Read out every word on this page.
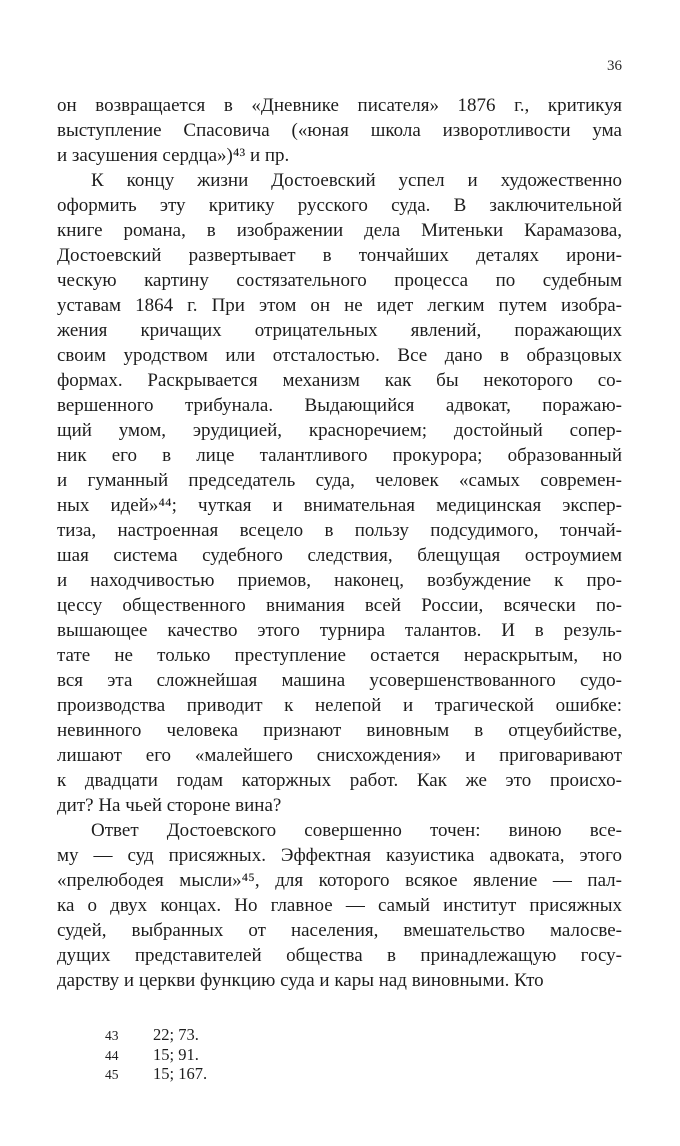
36
он возвращается в «Дневнике писателя» 1876 г., критикуя
выступление Спасовича («юная школа изворотливости ума
и засушения сердца»)⁴³ и пр.
К концу жизни Достоевский успел и художественно
оформить эту критику русского суда. В заключительной
книге романа, в изображении дела Митеньки Карамазова,
Достоевский развертывает в тончайших деталях ирони-
ческую картину состязательного процесса по судебным
уставам 1864 г. При этом он не идет легким путем изобра-
жения кричащих отрицательных явлений, поражающих
своим уродством или отсталостью. Все дано в образцовых
формах. Раскрывается механизм как бы некоторого со-
вершенного трибунала. Выдающийся адвокат, поражаю-
щий умом, эрудицией, красноречием; достойный сопер-
ник его в лице талантливого прокурора; образованный
и гуманный председатель суда, человек «самых современ-
ных идей»⁴⁴; чуткая и внимательная медицинская экспер-
тиза, настроенная всецело в пользу подсудимого, тончай-
шая система судебного следствия, блещущая остроумием
и находчивостью приемов, наконец, возбуждение к про-
цессу общественного внимания всей России, всячески по-
вышающее качество этого турнира талантов. И в резуль-
тате не только преступление остается нераскрытым, но
вся эта сложнейшая машина усовершенствованного судо-
производства приводит к нелепой и трагической ошибке:
невинного человека признают виновным в отцеубийстве,
лишают его «малейшего снисхождения» и приговаривают
к двадцати годам каторжных работ. Как же это происхо-
дит? На чьей стороне вина?
Ответ Достоевского совершенно точен: виною все-
му — суд присяжных. Эффектная казуистика адвоката, этого
«прелюбодея мысли»⁴⁵, для которого всякое явление — пал-
ка о двух концах. Но главное — самый институт присяжных
судей, выбранных от населения, вмешательство малосве-
дущих представителей общества в принадлежащую госу-
дарству и церкви функцию суда и кары над виновными. Кто
43 22; 73.
44 15; 91.
45 15; 167.
